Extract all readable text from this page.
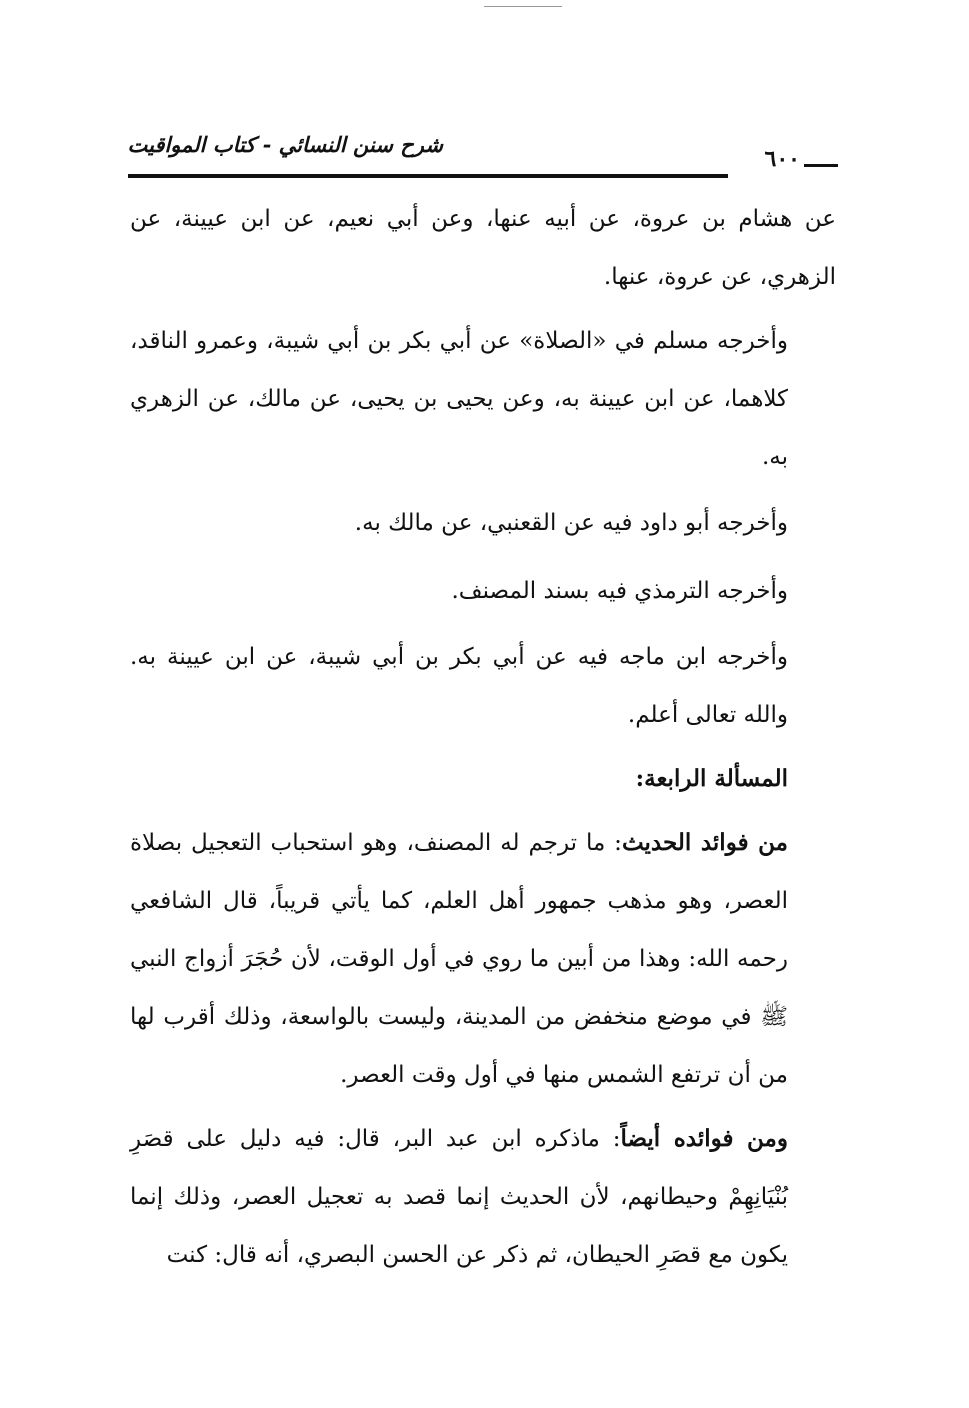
شرح سنن النسائي - كتاب المواقيت
٦٠٠

عن هشام بن عروة، عن أبيه عنها، وعن أبي نعيم، عن ابن عيينة، عن الزهري، عن عروة، عنها.

وأخرجه مسلم في «الصلاة» عن أبي بكر بن أبي شيبة، وعمرو الناقد، كلاهما، عن ابن عيينة به، وعن يحيى بن يحيى، عن مالك، عن الزهري به.

وأخرجه أبو داود فيه عن القعنبي، عن مالك به.

وأخرجه الترمذي فيه بسند المصنف.

وأخرجه ابن ماجه فيه عن أبي بكر بن أبي شيبة، عن ابن عيينة به. والله تعالى أعلم.

المسألة الرابعة:

من فوائد الحديث: ما ترجم له المصنف، وهو استحباب التعجيل بصلاة العصر، وهو مذهب جمهور أهل العلم، كما يأتي قريباً، قال الشافعي رحمه الله: وهذا من أبين ما روي في أول الوقت، لأن حُجَرَ أزواج النبي ﷺ في موضع منخفض من المدينة، وليست بالواسعة، وذلك أقرب لها من أن ترتفع الشمس منها في أول وقت العصر.

ومن فوائده أيضاً: ماذكره ابن عبد البر، قال: فيه دليل على قصَرِ بُنْيَانِهِمْ وحيطانهم، لأن الحديث إنما قصد به تعجيل العصر، وذلك إنما يكون مع قصَرِ الحيطان، ثم ذكر عن الحسن البصري، أنه قال: كنت
